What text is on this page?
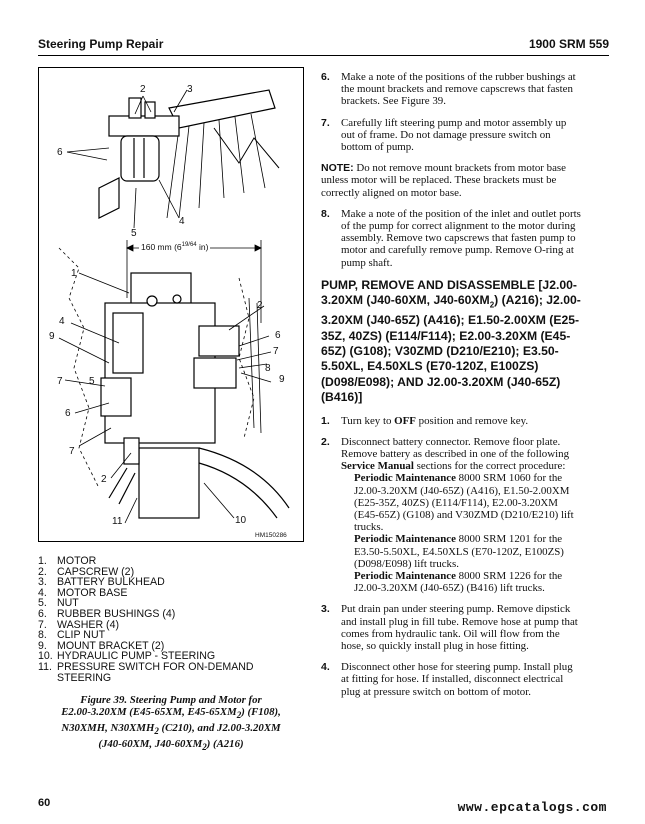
Steering Pump Repair	1900 SRM 559
2	3
6
4
5
160 mm ($6^{19/64}$ in)
1
2
4
6
9
7
8
9
7	5
6
7
2
11	10
HM150286
1. MOTOR
2. CAPSCREW (2)
3. BATTERY BULKHEAD
4. MOTOR BASE
5. NUT
6. RUBBER BUSHINGS (4)
7. WASHER (4)
8. CLIP NUT
9. MOUNT BRACKET (2)
10. HYDRAULIC PUMP - STEERING
11. PRESSURE SWITCH FOR ON-DEMAND
STEERING
Figure 39. Steering Pump and Motor for
E2.00-3.20XM (E45-65XM, $E45-65XM_2$) (F108),
N30XMH, $N30XMH_2$ (C210), and J2.00-3.20XM
(J40-60XM, $J40-60XM_2$) (A216)
6.	Make a note of the positions of the rubber bushings at the mount brackets and remove capscrews that fasten brackets. See Figure 39.
7.	Carefully lift steering pump and motor assembly up out of frame. Do not damage pressure switch on bottom of pump.
NOTE: Do not remove mount brackets from motor base unless motor will be replaced. These brackets must be correctly aligned on motor base.
8.	Make a note of the position of the inlet and outlet ports of the pump for correct alignment to the motor during assembly. Remove two capscrews that fasten pump to motor and carefully remove pump. Remove O-ring at pump shaft.
PUMP, REMOVE AND DISASSEMBLE [J2.00-3.20XM (J40-60XM, $J40-60XM_2$) (A216); J2.00-3.20XM (J40-65Z) (A416); E1.50-2.00XM (E25-35Z, 40ZS) (E114/F114); E2.00-3.20XM (E45-65Z) (G108); V30ZMD (D210/E210); E3.50-5.50XL, E4.50XLS (E70-120Z, E100ZS) (D098/E098); AND J2.00-3.20XM (J40-65Z) (B416)]
1.	Turn key to OFF position and remove key.
2.	Disconnect battery connector. Remove floor plate. Remove battery as described in one of the following Service Manual sections for the correct procedure:
Periodic Maintenance 8000 SRM 1060 for the J2.00-3.20XM (J40-65Z) (A416), E1.50-2.00XM (E25-35Z, 40ZS) (E114/F114), E2.00-3.20XM (E45-65Z) (G108) and V30ZMD (D210/E210) lift trucks.
Periodic Maintenance 8000 SRM 1201 for the E3.50-5.50XL, E4.50XLS (E70-120Z, E100ZS) (D098/E098) lift trucks.
Periodic Maintenance 8000 SRM 1226 for the J2.00-3.20XM (J40-65Z) (B416) lift trucks.
3.	Put drain pan under steering pump. Remove dipstick and install plug in fill tube. Remove hose at pump that comes from hydraulic tank. Oil will flow from the hose, so quickly install plug in hose fitting.
4.	Disconnect other hose for steering pump. Install plug at fitting for hose. If installed, disconnect electrical plug at pressure switch on bottom of motor.
60	www.epcatalogs.com
